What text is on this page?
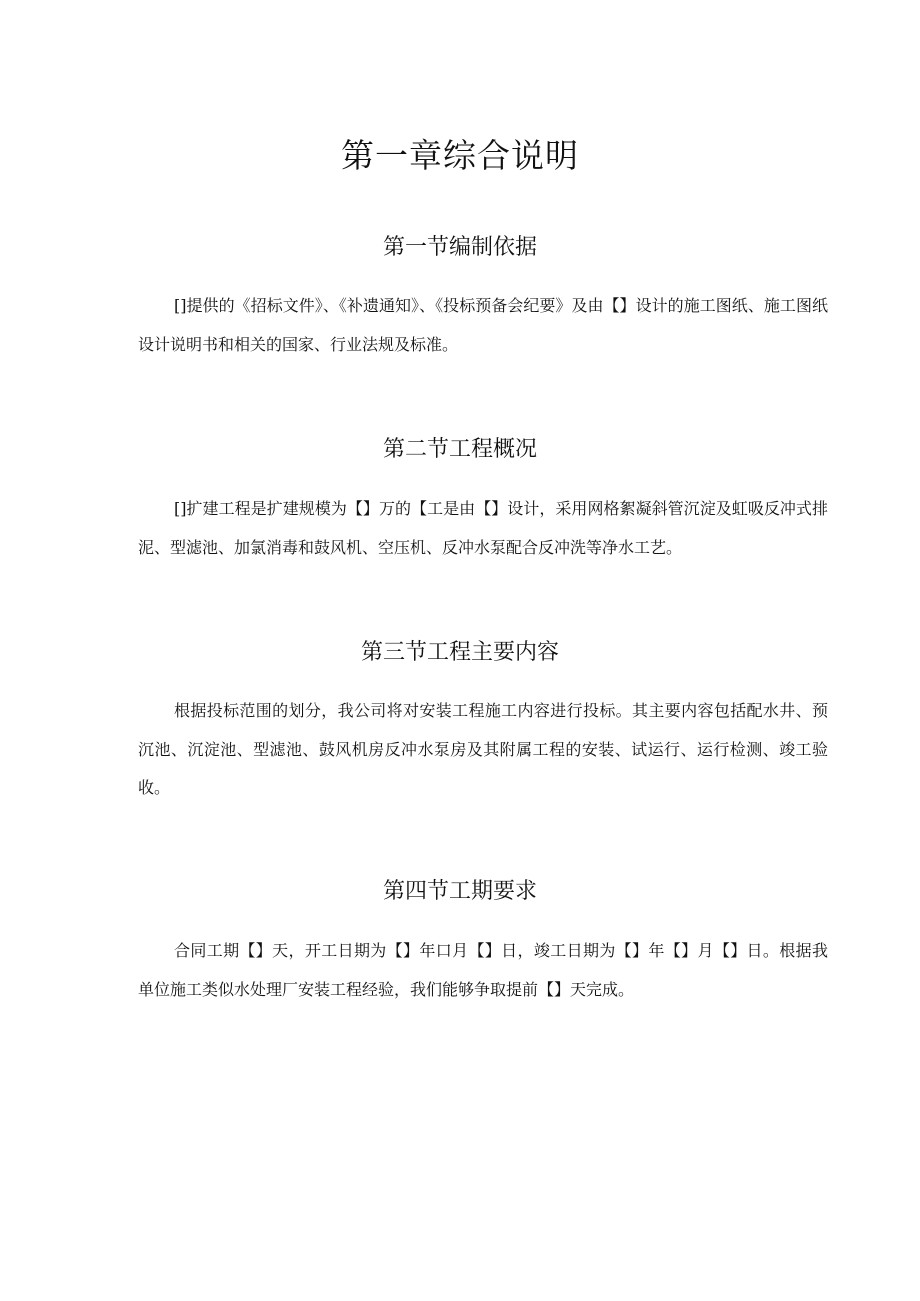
第一章综合说明
第一节编制依据

[]提供的《招标文件》、《补遗通知》、《投标预备会纪要》及由【】设计的施工图纸、施工图纸设计说明书和相关的国家、行业法规及标准。

第二节工程概况

[]扩建工程是扩建规模为【】万的【工是由【】设计，采用网格絮凝斜管沉淀及虹吸反冲式排泥、型滤池、加氯消毒和鼓风机、空压机、反冲水泵配合反冲洗等净水工艺。

第三节工程主要内容

根据投标范围的划分，我公司将对安装工程施工内容进行投标。其主要内容包括配水井、预沉池、沉淀池、型滤池、鼓风机房反冲水泵房及其附属工程的安装、试运行、运行检测、竣工验收。

第四节工期要求

合同工期【】天，开工日期为【】年口月【】日，竣工日期为【】年【】月【】日。根据我单位施工类似水处理厂安装工程经验，我们能够争取提前【】天完成。
